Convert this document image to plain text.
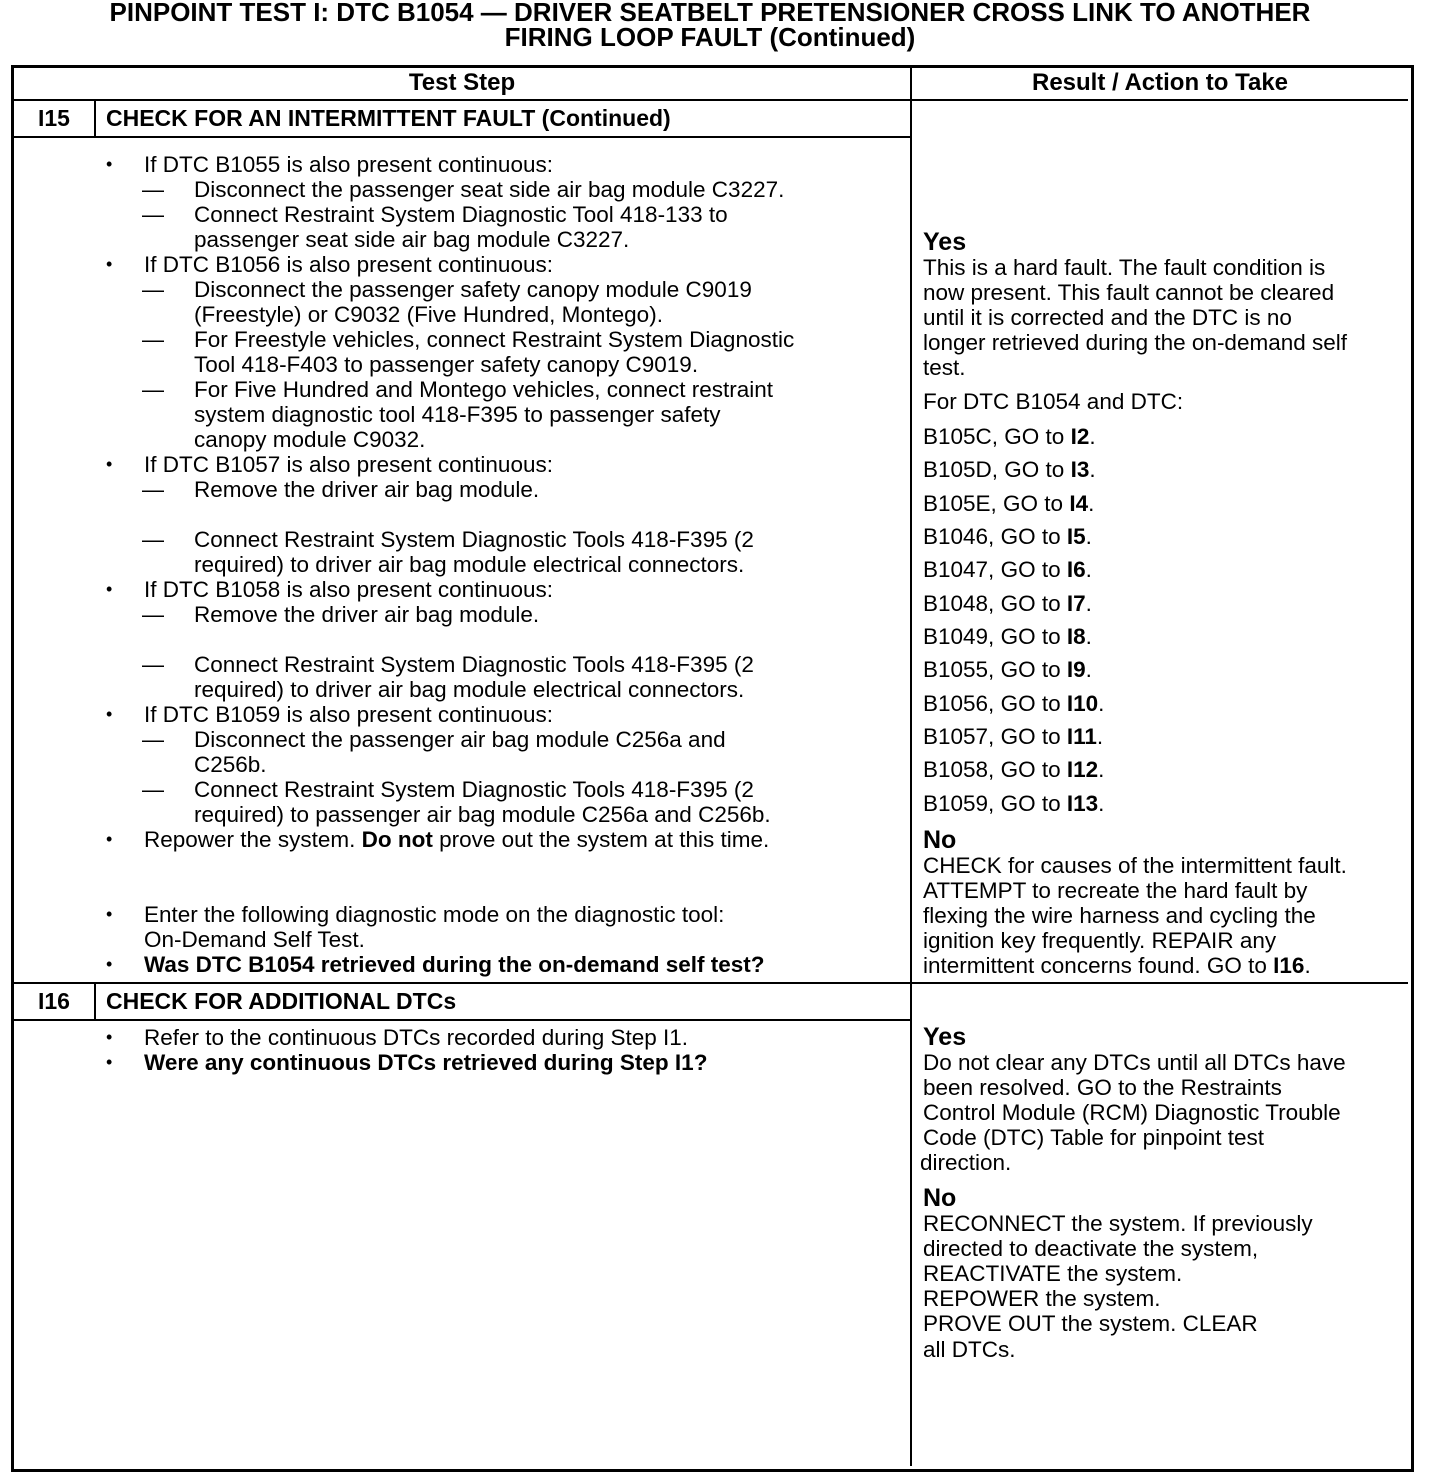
PINPOINT TEST I: DTC B1054 — DRIVER SEATBELT PRETENSIONER CROSS LINK TO ANOTHER
FIRING LOOP FAULT (Continued)
Test Step	Result / Action to Take
I15	CHECK FOR AN INTERMITTENT FAULT (Continued)
• If DTC B1055 is also present continuous:
— Disconnect the passenger seat side air bag module C3227.
— Connect Restraint System Diagnostic Tool 418-133 to
passenger seat side air bag module C3227.
• If DTC B1056 is also present continuous:
— Disconnect the passenger safety canopy module C9019
(Freestyle) or C9032 (Five Hundred, Montego).
— For Freestyle vehicles, connect Restraint System Diagnostic
Tool 418-F403 to passenger safety canopy C9019.
— For Five Hundred and Montego vehicles, connect restraint
system diagnostic tool 418-F395 to passenger safety
canopy module C9032.
• If DTC B1057 is also present continuous:
— Remove the driver air bag module.
— Connect Restraint System Diagnostic Tools 418-F395 (2
required) to driver air bag module electrical connectors.
• If DTC B1058 is also present continuous:
— Remove the driver air bag module.
— Connect Restraint System Diagnostic Tools 418-F395 (2
required) to driver air bag module electrical connectors.
• If DTC B1059 is also present continuous:
— Disconnect the passenger air bag module C256a and
C256b.
— Connect Restraint System Diagnostic Tools 418-F395 (2
required) to passenger air bag module C256a and C256b.
• Repower the system. Do not prove out the system at this time.
• Enter the following diagnostic mode on the diagnostic tool:
On-Demand Self Test.
• Was DTC B1054 retrieved during the on-demand self test?
Yes
This is a hard fault. The fault condition is
now present. This fault cannot be cleared
until it is corrected and the DTC is no
longer retrieved during the on-demand self
test.
For DTC B1054 and DTC:
B105C, GO to I2.
B105D, GO to I3.
B105E, GO to I4.
B1046, GO to I5.
B1047, GO to I6.
B1048, GO to I7.
B1049, GO to I8.
B1055, GO to I9.
B1056, GO to I10.
B1057, GO to I11.
B1058, GO to I12.
B1059, GO to I13.
No
CHECK for causes of the intermittent fault.
ATTEMPT to recreate the hard fault by
flexing the wire harness and cycling the
ignition key frequently. REPAIR any
intermittent concerns found. GO to I16.
I16	CHECK FOR ADDITIONAL DTCs
• Refer to the continuous DTCs recorded during Step I1.
• Were any continuous DTCs retrieved during Step I1?
Yes
Do not clear any DTCs until all DTCs have
been resolved. GO to the Restraints
Control Module (RCM) Diagnostic Trouble
Code (DTC) Table for pinpoint test
direction.
No
RECONNECT the system. If previously
directed to deactivate the system,
REACTIVATE the system.
REPOWER the system.
PROVE OUT the system. CLEAR
all DTCs.
